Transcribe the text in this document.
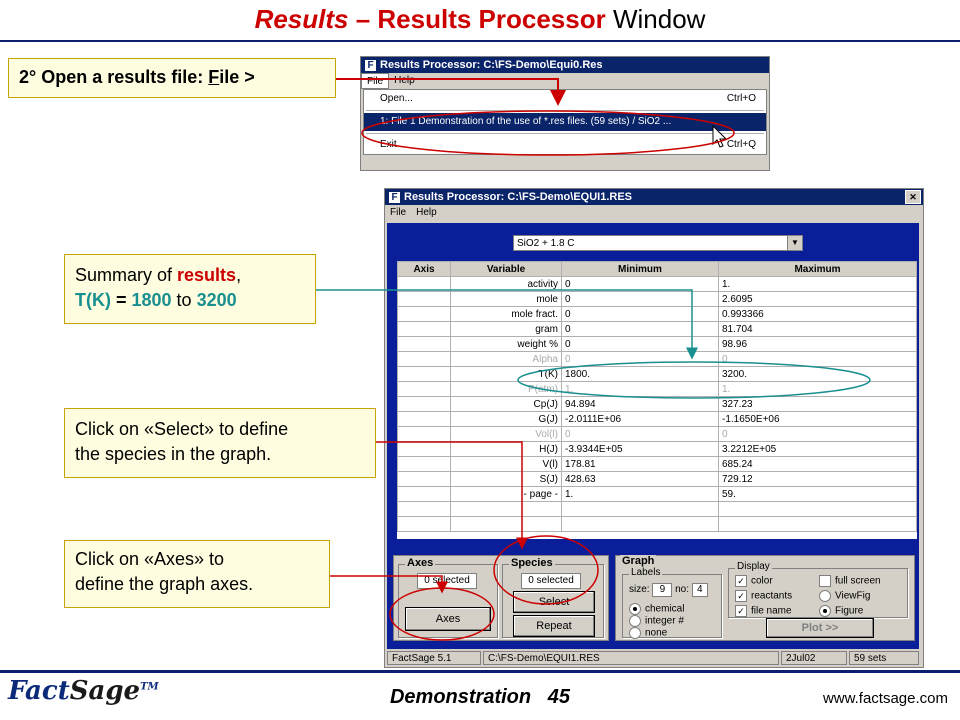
Results – Results Processor Window
2° Open a results file: File >
F Results Processor: C:\FS-Demo\Equi0.Res
File	Help
Open...	Ctrl+O
1: File 1 Demonstration of the use of *.res files. (59 sets) / SiO2 ...
Exit	Ctrl+Q
F Results Processor: C:\FS-Demo\EQUI1.RES	✕
File	Help
SiO2 + 1.8 C	▼
Axis	Variable	Minimum	Maximum
	activity	0	1.
	mole	0	2.6095
	mole fract.	0	0.993366
	gram	0	81.704
	weight %	0	98.96
	Alpha	0	0
	T(K)	1800.	3200.
	P(atm)	1.	1.
	Cp(J)	94.894	327.23
	G(J)	-2.0111E+06	-1.1650E+06
	Vol(l)	0	0
	H(J)	-3.9344E+05	3.2212E+05
	V(l)	178.81	685.24
	S(J)	428.63	729.12
	- page -	1.	59.

Axes
0 selected
Axes
Species
0 selected
Select
Repeat
Graph
Labels
size: 9 no: 4
chemical
integer #
none
Display
✓ color	full screen
✓ reactants	ViewFig
✓ file name	Figure
Plot >>
FactSage 5.1	C:\FS-Demo\EQUI1.RES	2Jul02	59 sets
Summary of results,
T(K) = 1800 to 3200
Click on «Select» to define
the species in the graph.
Click on «Axes» to
define the graph axes.
FactSage™	Demonstration 45	www.factsage.com
